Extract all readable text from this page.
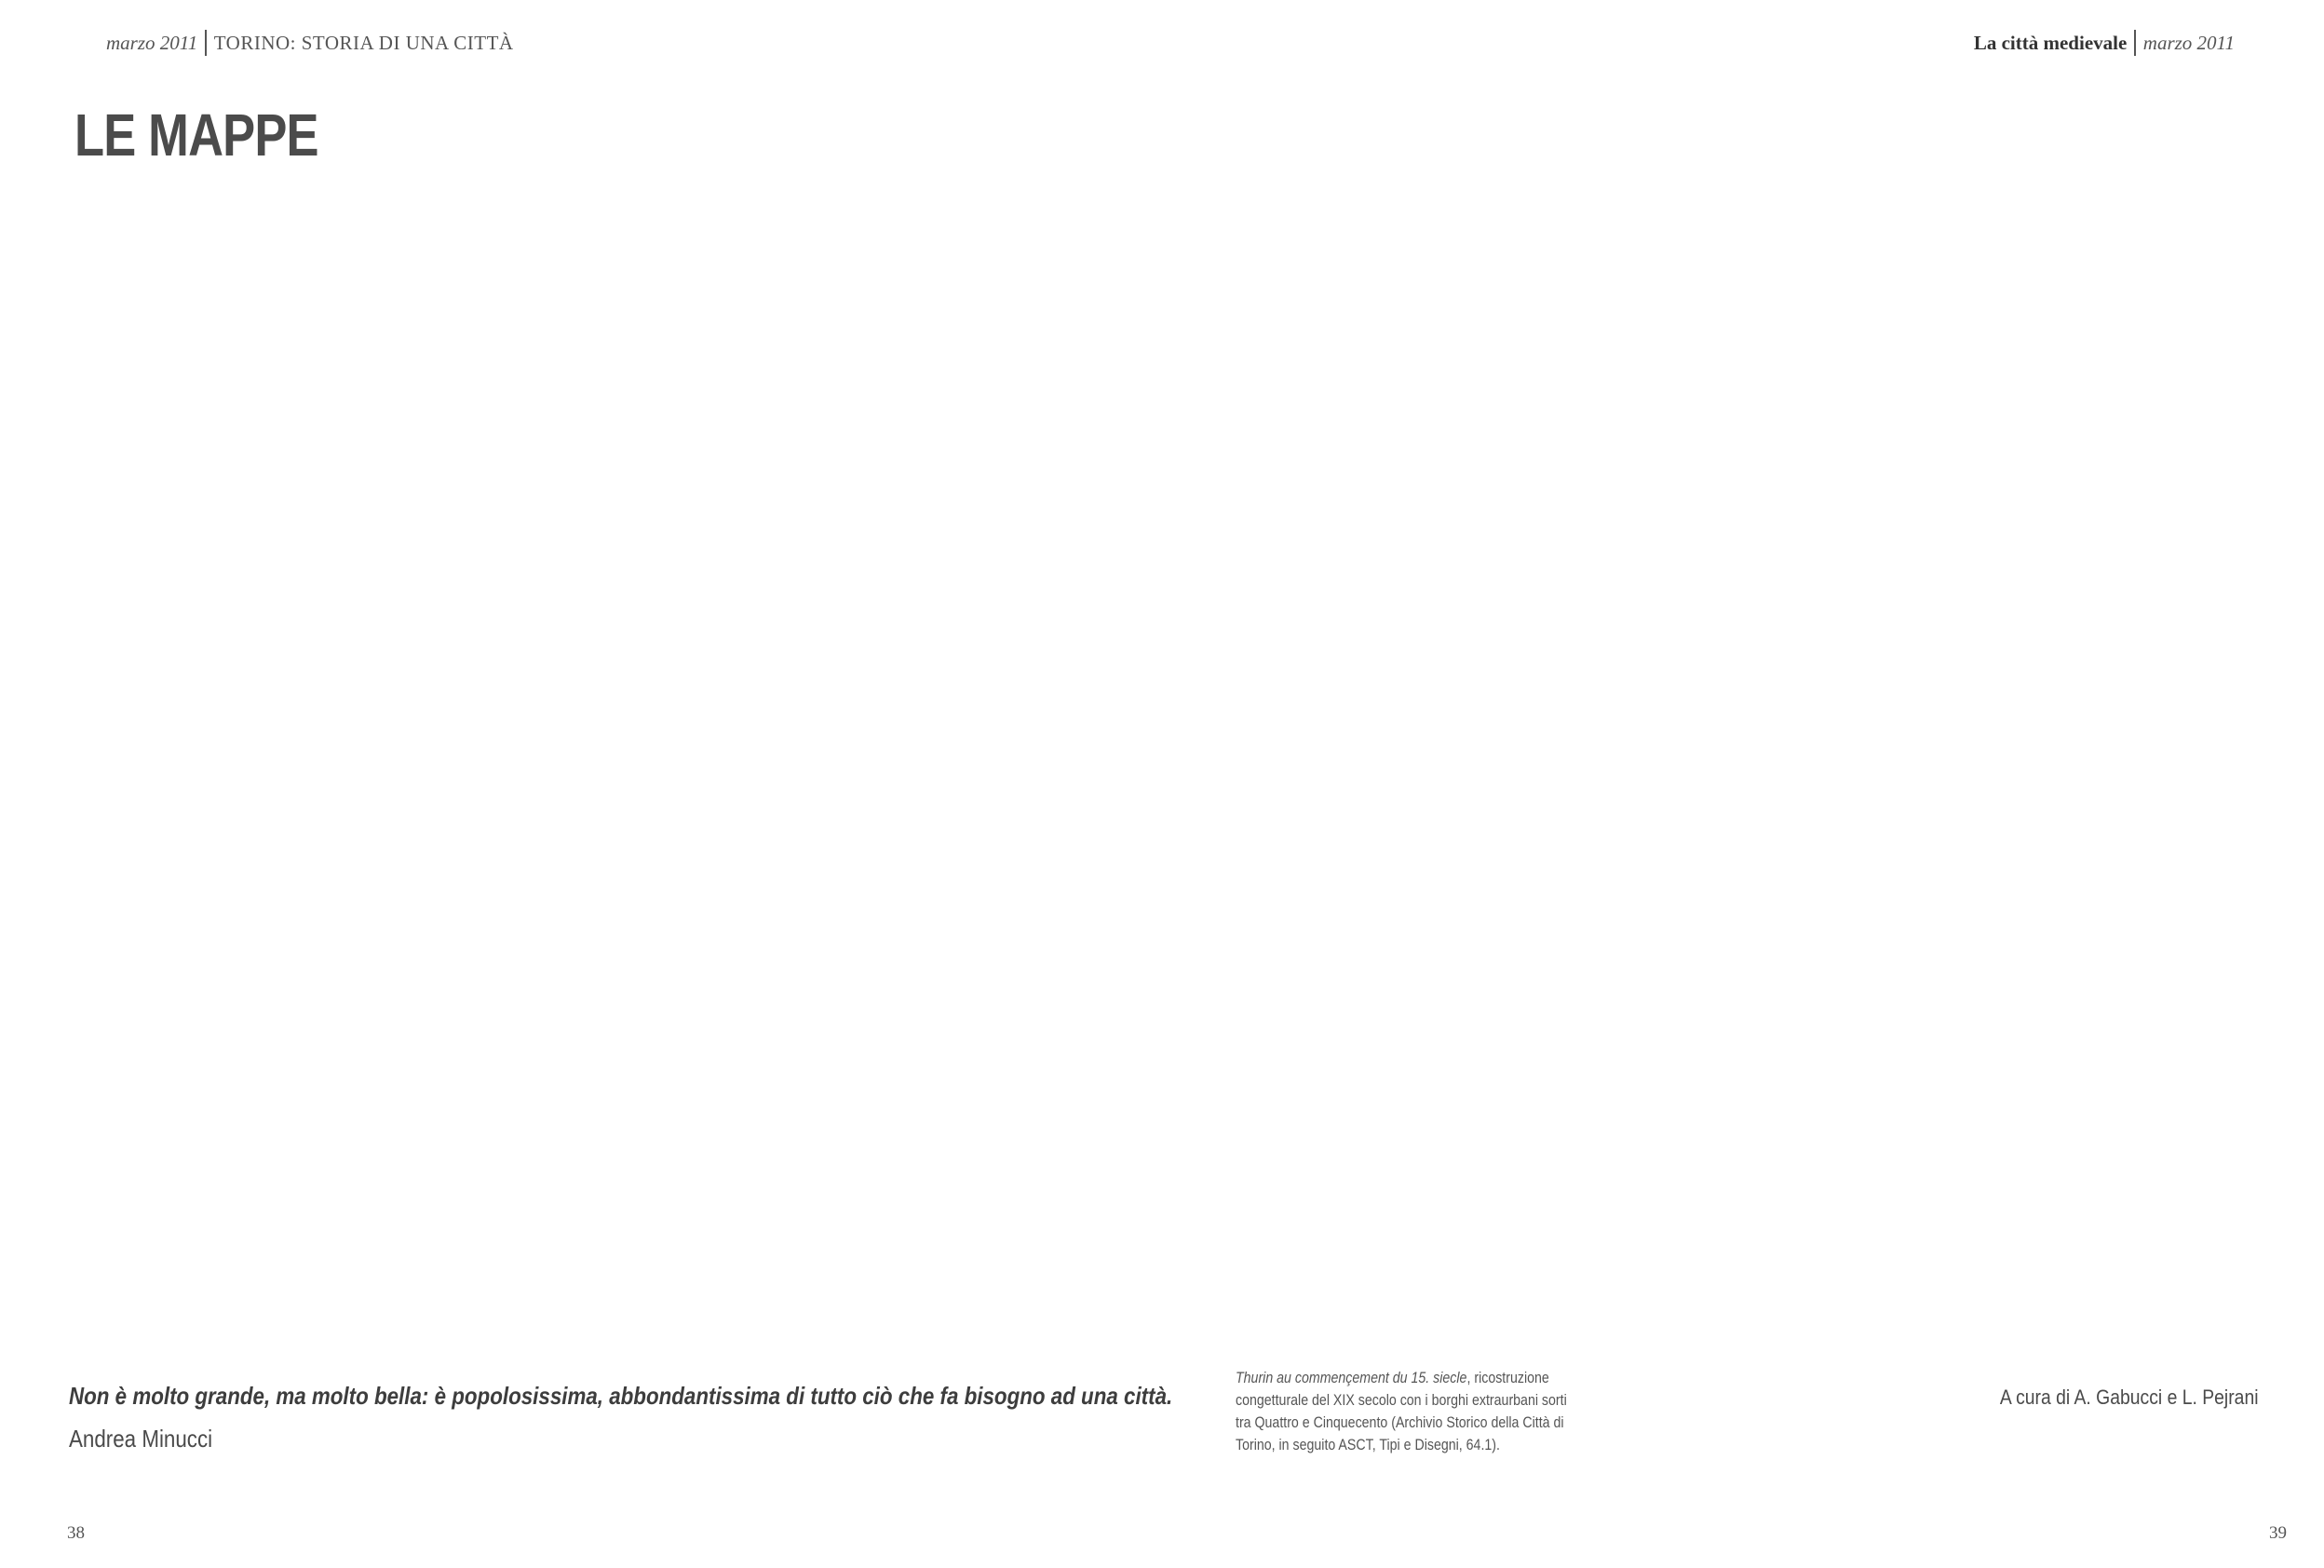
marzo 2011 TORINO: STORIA DI UNA CITTÀ	La città medievale marzo 2011
LE MAPPE
Non è molto grande, ma molto bella: è popolosissima, abbondantissima di tutto ciò che fa bisogno ad una città.
Andrea Minucci
Thurin au commençement du 15. siecle, ricostruzione congetturale del XIX secolo con i borghi extraurbani sorti tra Quattro e Cinquecento (Archivio Storico della Città di Torino, in seguito ASCT, Tipi e Disegni, 64.1).
A cura di A. Gabucci e L. Pejrani
38	39
